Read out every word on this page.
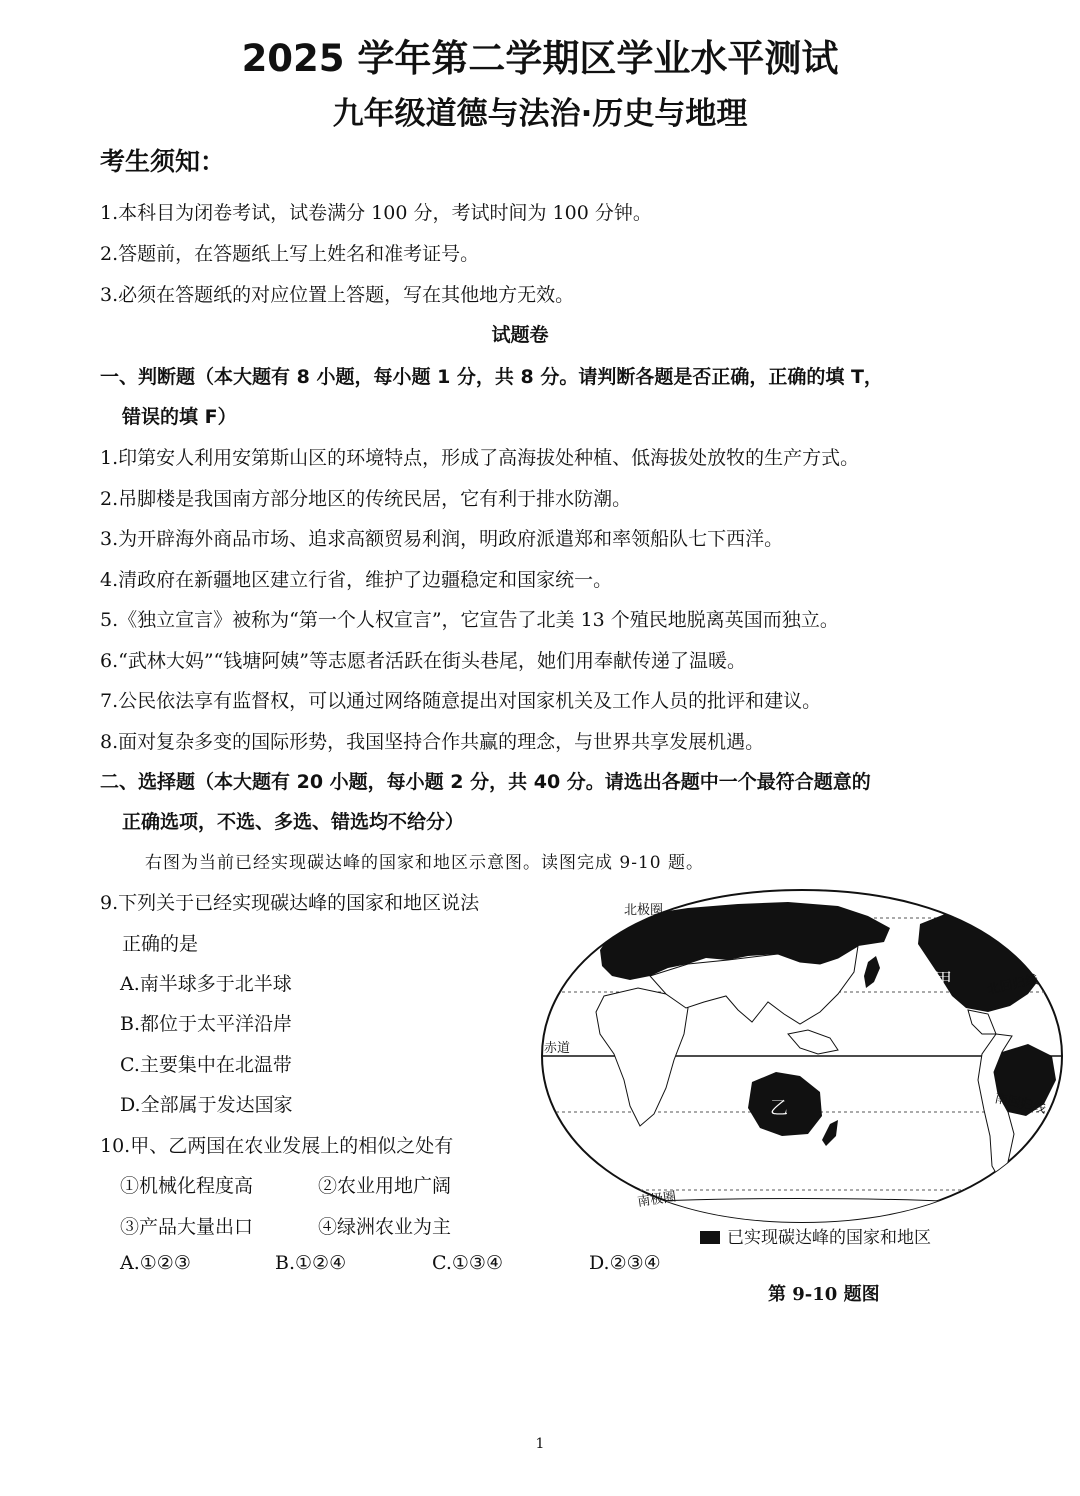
2025 学年第二学期区学业水平测试
九年级道德与法治·历史与地理
考生须知：
1.本科目为闭卷考试，试卷满分 100 分，考试时间为 100 分钟。
2.答题前，在答题纸上写上姓名和准考证号。
3.必须在答题纸的对应位置上答题，写在其他地方无效。
试题卷
一、判断题（本大题有 8 小题，每小题 1 分，共 8 分。请判断各题是否正确，正确的填 T，
错误的填 F）
1.印第安人利用安第斯山区的环境特点，形成了高海拔处种植、低海拔处放牧的生产方式。
2.吊脚楼是我国南方部分地区的传统民居，它有利于排水防潮。
3.为开辟海外商品市场、追求高额贸易利润，明政府派遣郑和率领船队七下西洋。
4.清政府在新疆地区建立行省，维护了边疆稳定和国家统一。
5.《独立宣言》被称为“第一个人权宣言”，它宣告了北美 13 个殖民地脱离英国而独立。
6.“武林大妈”“钱塘阿姨”等志愿者活跃在街头巷尾，她们用奉献传递了温暖。
7.公民依法享有监督权，可以通过网络随意提出对国家机关及工作人员的批评和建议。
8.面对复杂多变的国际形势，我国坚持合作共赢的理念，与世界共享发展机遇。
二、选择题（本大题有 20 小题，每小题 2 分，共 40 分。请选出各题中一个最符合题意的
正确选项，不选、多选、错选均不给分）
右图为当前已经实现碳达峰的国家和地区示意图。读图完成 9-10 题。
9.下列关于已经实现碳达峰的国家和地区说法
正确的是
A.南半球多于北半球
B.都位于太平洋沿岸
C.主要集中在北温带
D.全部属于发达国家
10.甲、乙两国在农业发展上的相似之处有
①机械化程度高	②农业用地广阔
③产品大量出口	④绿洲农业为主
A.①②③	B.①②④	C.①③④	D.②③④
北极圈
北回归线
赤道
南回归线
南极圈
甲
乙
已实现碳达峰的国家和地区
第 9-10 题图
1
